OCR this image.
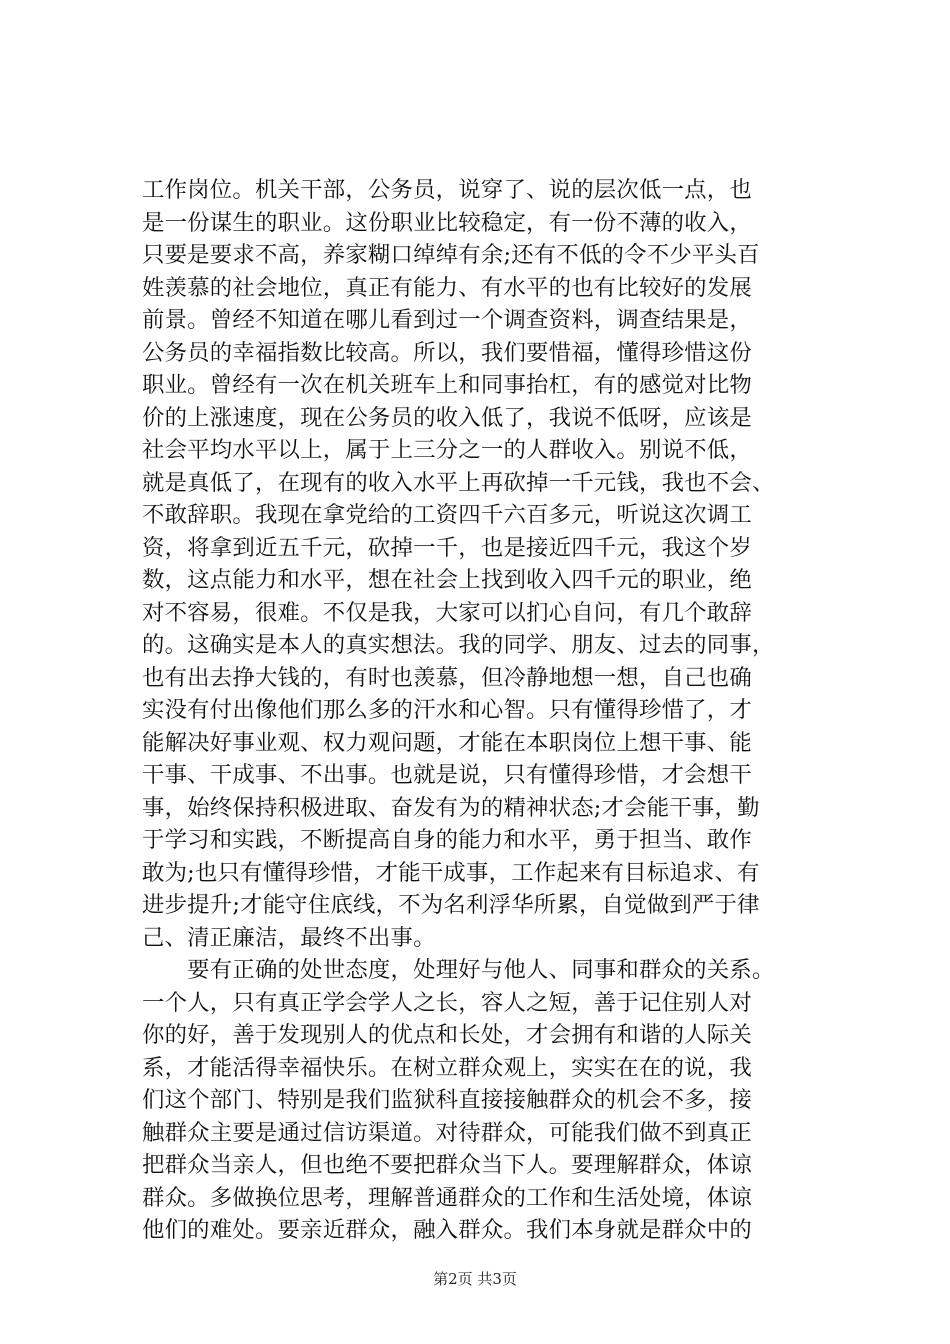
工作岗位。机关干部，公务员，说穿了、说的层次低一点，也
是一份谋生的职业。这份职业比较稳定，有一份不薄的收入，
只要是要求不高，养家糊口绰绰有余;还有不低的令不少平头百
姓羡慕的社会地位，真正有能力、有水平的也有比较好的发展
前景。曾经不知道在哪儿看到过一个调查资料，调查结果是，
公务员的幸福指数比较高。所以，我们要惜福，懂得珍惜这份
职业。曾经有一次在机关班车上和同事抬杠，有的感觉对比物
价的上涨速度，现在公务员的收入低了，我说不低呀，应该是
社会平均水平以上，属于上三分之一的人群收入。别说不低，
就是真低了，在现有的收入水平上再砍掉一千元钱，我也不会、
不敢辞职。我现在拿党给的工资四千六百多元，听说这次调工
资，将拿到近五千元，砍掉一千，也是接近四千元，我这个岁
数，这点能力和水平，想在社会上找到收入四千元的职业，绝
对不容易，很难。不仅是我，大家可以扪心自问，有几个敢辞
的。这确实是本人的真实想法。我的同学、朋友、过去的同事，
也有出去挣大钱的，有时也羡慕，但冷静地想一想，自己也确
实没有付出像他们那么多的汗水和心智。只有懂得珍惜了，才
能解决好事业观、权力观问题，才能在本职岗位上想干事、能
干事、干成事、不出事。也就是说，只有懂得珍惜，才会想干
事，始终保持积极进取、奋发有为的精神状态;才会能干事，勤
于学习和实践，不断提高自身的能力和水平，勇于担当、敢作
敢为;也只有懂得珍惜，才能干成事，工作起来有目标追求、有
进步提升;才能守住底线，不为名利浮华所累，自觉做到严于律
己、清正廉洁，最终不出事。
　　要有正确的处世态度，处理好与他人、同事和群众的关系。
一个人，只有真正学会学人之长，容人之短，善于记住别人对
你的好，善于发现别人的优点和长处，才会拥有和谐的人际关
系，才能活得幸福快乐。在树立群众观上，实实在在的说，我
们这个部门、特别是我们监狱科直接接触群众的机会不多，接
触群众主要是通过信访渠道。对待群众，可能我们做不到真正
把群众当亲人，但也绝不要把群众当下人。要理解群众，体谅
群众。多做换位思考，理解普通群众的工作和生活处境，体谅
他们的难处。要亲近群众，融入群众。我们本身就是群众中的
第2页 共3页
